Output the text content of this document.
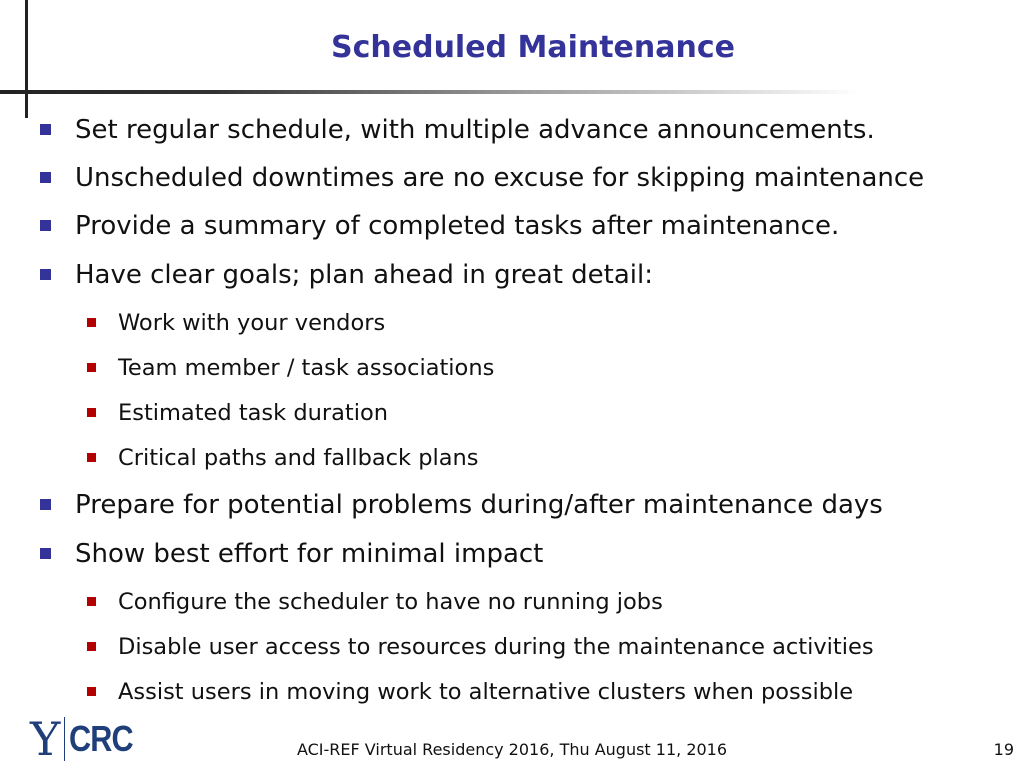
Scheduled Maintenance
Set regular schedule, with multiple advance announcements.
Unscheduled downtimes are no excuse for skipping maintenance
Provide a summary of completed tasks after maintenance.
Have clear goals; plan ahead in great detail:
Work with your vendors
Team member / task associations
Estimated task duration
Critical paths and fallback plans
Prepare for potential problems during/after maintenance days
Show best effort for minimal impact
Configure the scheduler to have no running jobs
Disable user access to resources during the maintenance activities
Assist users in moving work to alternative clusters when possible
Y CRC	ACI-REF Virtual Residency 2016, Thu August 11, 2016	19
